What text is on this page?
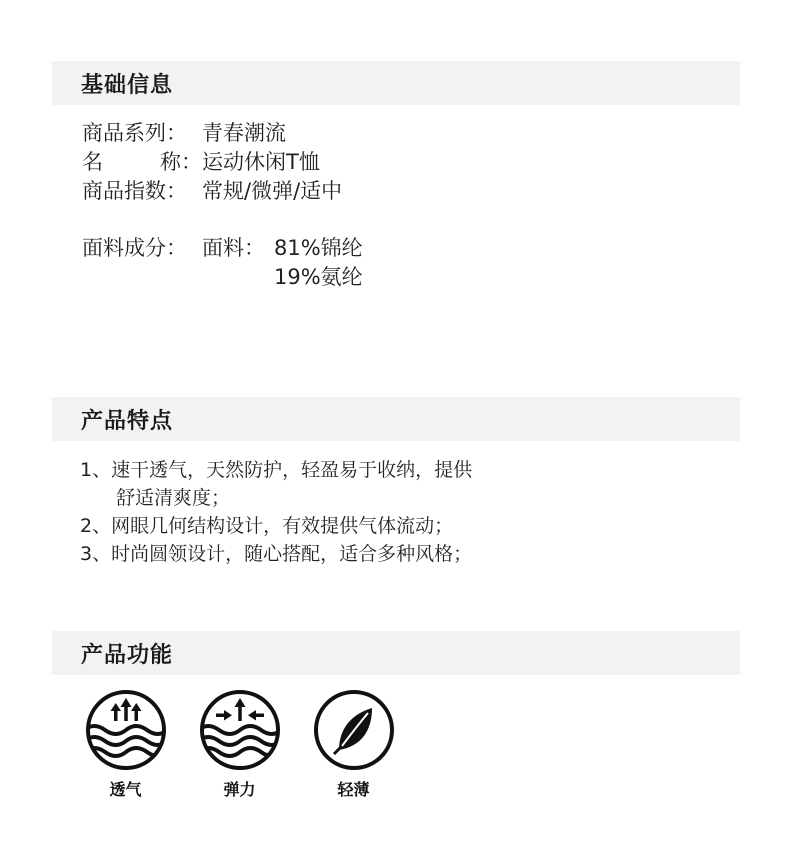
基础信息
商品系列： 青春潮流
名	称： 运动休闲T恤
商品指数： 常规/微弹/适中
面料成分： 面料： 81%锦纶
19%氨纶
产品特点
1、速干透气，天然防护，轻盈易于收纳，提供
舒适清爽度；
2、网眼几何结构设计，有效提供气体流动；
3、时尚圆领设计，随心搭配，适合多种风格；
产品功能
透气	弹力	轻薄
